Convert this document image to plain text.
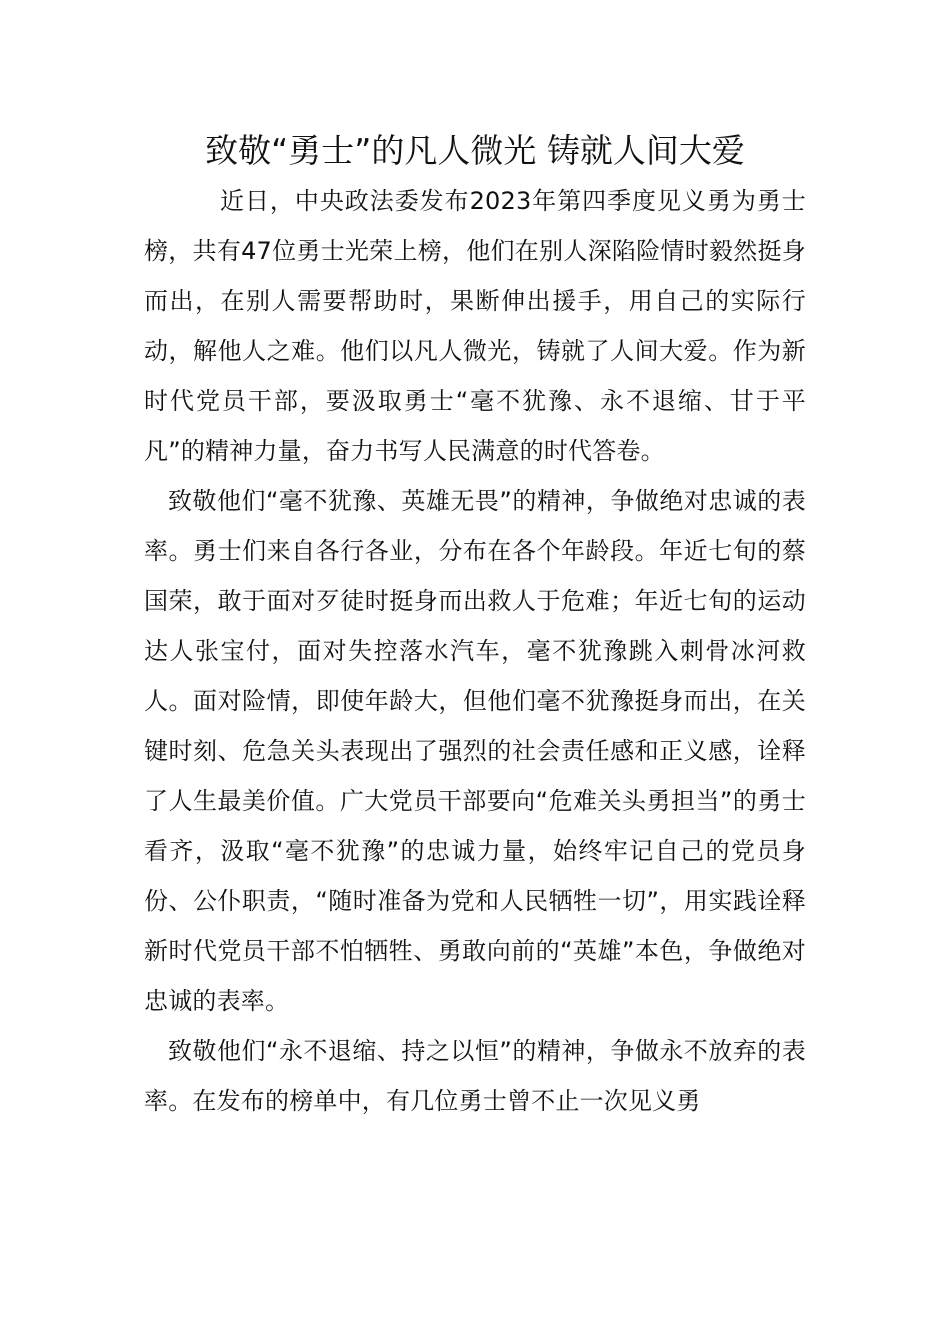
致敬“勇士”的凡人微光 铸就人间大爱

近日，中央政法委发布2023年第四季度见义勇为勇士榜，共有47位勇士光荣上榜，他们在别人深陷险情时毅然挺身而出，在别人需要帮助时，果断伸出援手，用自己的实际行动，解他人之难。他们以凡人微光，铸就了人间大爱。作为新时代党员干部，要汲取勇士“毫不犹豫、永不退缩、甘于平凡”的精神力量，奋力书写人民满意的时代答卷。

致敬他们“毫不犹豫、英雄无畏”的精神，争做绝对忠诚的表率。勇士们来自各行各业，分布在各个年龄段。年近七旬的蔡国荣，敢于面对歹徒时挺身而出救人于危难；年近七旬的运动达人张宝付，面对失控落水汽车，毫不犹豫跳入刺骨冰河救人。面对险情，即使年龄大，但他们毫不犹豫挺身而出，在关键时刻、危急关头表现出了强烈的社会责任感和正义感，诠释了人生最美价值。广大党员干部要向“危难关头勇担当”的勇士看齐，汲取“毫不犹豫”的忠诚力量，始终牢记自己的党员身份、公仆职责，“随时准备为党和人民牺牲一切”，用实践诠释新时代党员干部不怕牺牲、勇敢向前的“英雄”本色，争做绝对忠诚的表率。

致敬他们“永不退缩、持之以恒”的精神，争做永不放弃的表率。在发布的榜单中，有几位勇士曾不止一次见义勇
